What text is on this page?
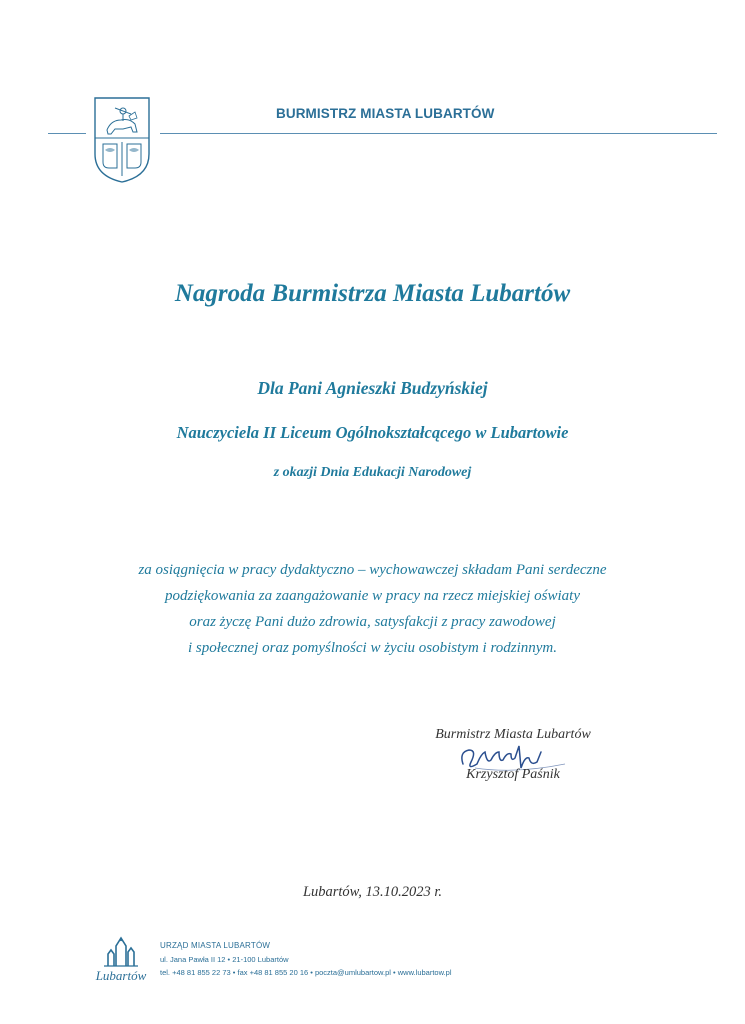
BURMISTRZ MIASTA LUBARTÓW
Nagroda Burmistrza Miasta Lubartów
Dla Pani Agnieszki Budzyńskiej
Nauczyciela II Liceum Ogólnokształcącego w Lubartowie
z okazji Dnia Edukacji Narodowej
za osiągnięcia w pracy dydaktyczno – wychowawczej składam Pani serdeczne
podziękowania za zaangażowanie w pracy na rzecz miejskiej oświaty
oraz życzę Pani dużo zdrowia, satysfakcji z pracy zawodowej
i społecznej oraz pomyślności w życiu osobistym i rodzinnym.
Burmistrz Miasta Lubartów
Krzysztof Paśnik
Lubartów, 13.10.2023 r.
Lubartów
URZĄD MIASTA LUBARTÓW
ul. Jana Pawła II 12 • 21-100 Lubartów
tel. +48 81 855 22 73 • fax +48 81 855 20 16 • poczta@umlubartow.pl • www.lubartow.pl
